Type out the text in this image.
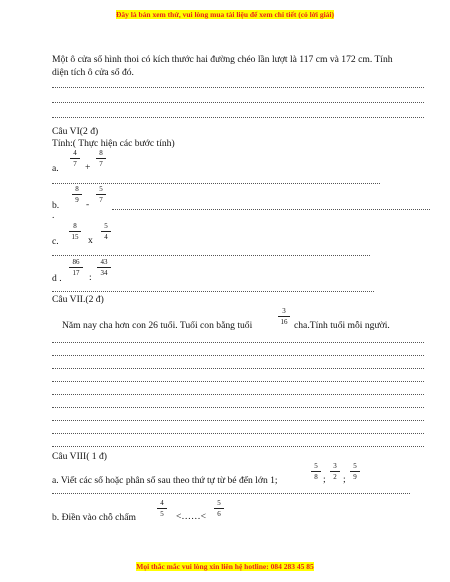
Đây là bản xem thử, vui lòng mua tài liệu để xem chi tiết (có lời giải)
Một ô cửa sổ hình thoi có kích thước hai đường chéo lần lượt là 117 cm và 172 cm. Tính
diện tích ô cửa sổ đó.
Câu VI(2 đ)
Tính:( Thực hiện các bước tính)
a.
4
7 +
8
7
b.
8
9 -
5
7
.
c.
8
15 x
5
4
d .
86
17 :
43
34
Câu VII.(2 đ)
Năm nay cha hơn con 26 tuổi. Tuổi con bằng tuổi
3
16 cha.Tính tuổi mỗi người.
Câu VIII( 1 đ)
a. Viết các số hoặc phân số sau theo thứ tự từ bé đến lớn 1;
5
8 ;
3
2 ;
5
9
b. Điền vào chỗ chấm
4
5	<……<
5
6
Mọi thắc mắc vui lòng xin liên hệ hotline: 084 283 45 85
